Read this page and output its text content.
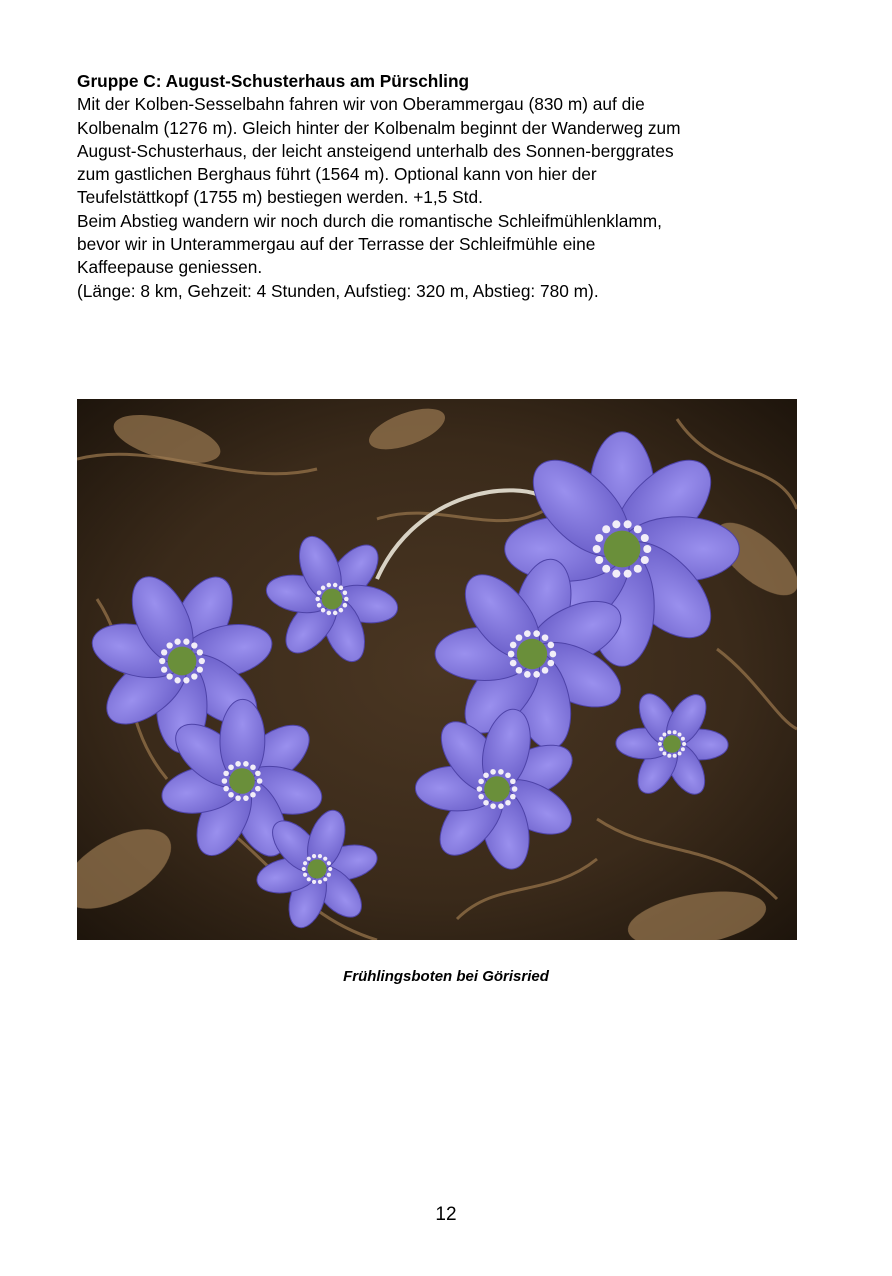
Gruppe C: August-Schusterhaus am Pürschling

Mit der Kolben-Sesselbahn fahren wir von Oberammergau (830 m) auf die

Kolbenalm (1276 m). Gleich hinter der Kolbenalm beginnt der Wanderweg zum

August-Schusterhaus, der leicht ansteigend unterhalb des Sonnen-berggrates

zum gastlichen Berghaus führt (1564 m). Optional kann von hier der

Teufelstättkopf (1755 m) bestiegen werden. +1,5 Std.

Beim Abstieg wandern wir noch durch die romantische Schleifmühlenklamm,

bevor wir in Unterammergau auf der Terrasse der Schleifmühle eine

Kaffeepause geniessen.

(Länge: 8 km, Gehzeit: 4 Stunden, Aufstieg: 320 m, Abstieg: 780 m).

Frühlingsboten bei Görisried
12
